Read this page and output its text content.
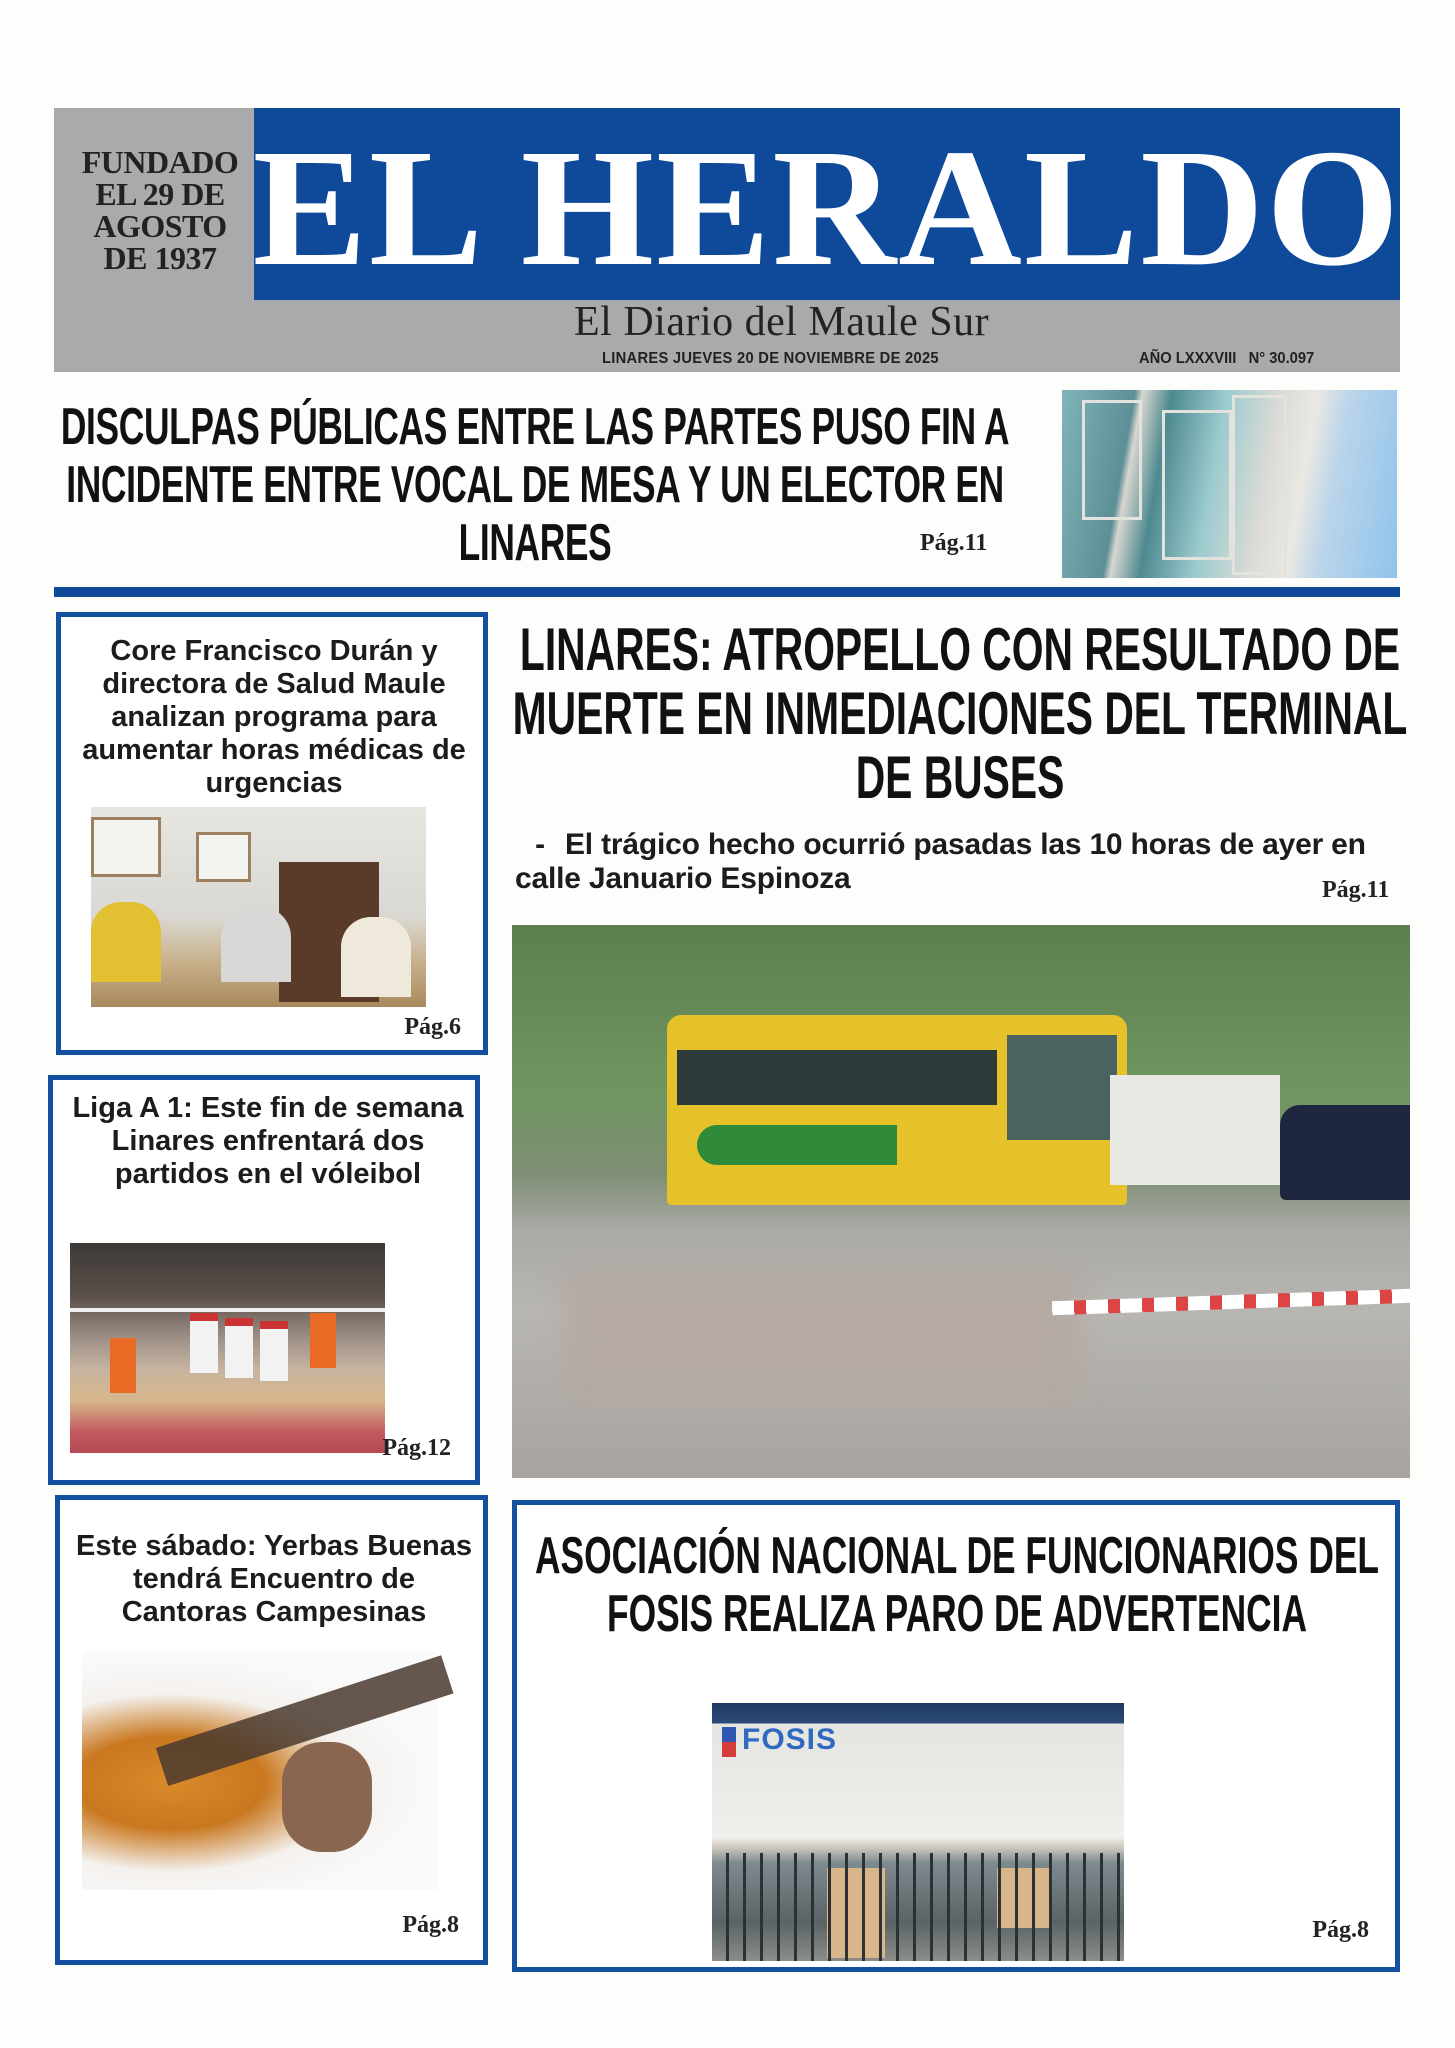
FUNDADO
EL 29 DE
AGOSTO
DE 1937 EL HERALDO
El Diario del Maule Sur
LINARES JUEVES 20 DE NOVIEMBRE DE 2025	AÑO LXXXVIII   N° 30.097
DISCULPAS PÚBLICAS ENTRE LAS PARTES PUSO FIN A INCIDENTE ENTRE VOCAL DE MESA Y UN ELECTOR EN LINARES	Pág.11
Core Francisco Durán y directora de Salud Maule analizan programa para aumentar horas médicas de urgencias
Pág.6
Liga A 1: Este fin de semana Linares enfrentará dos partidos en el vóleibol
Pág.12
Este sábado: Yerbas Buenas tendrá Encuentro de Cantoras Campesinas
Pág.8
LINARES: ATROPELLO CON RESULTADO DE MUERTE EN INMEDIACIONES DEL TERMINAL DE BUSES

- El trágico hecho ocurrió pasadas las 10 horas de ayer en calle Januario Espinoza	Pág.11
ASOCIACIÓN NACIONAL DE FUNCIONARIOS DEL FOSIS REALIZA PARO DE ADVERTENCIA
FOSIS
Pág.8
